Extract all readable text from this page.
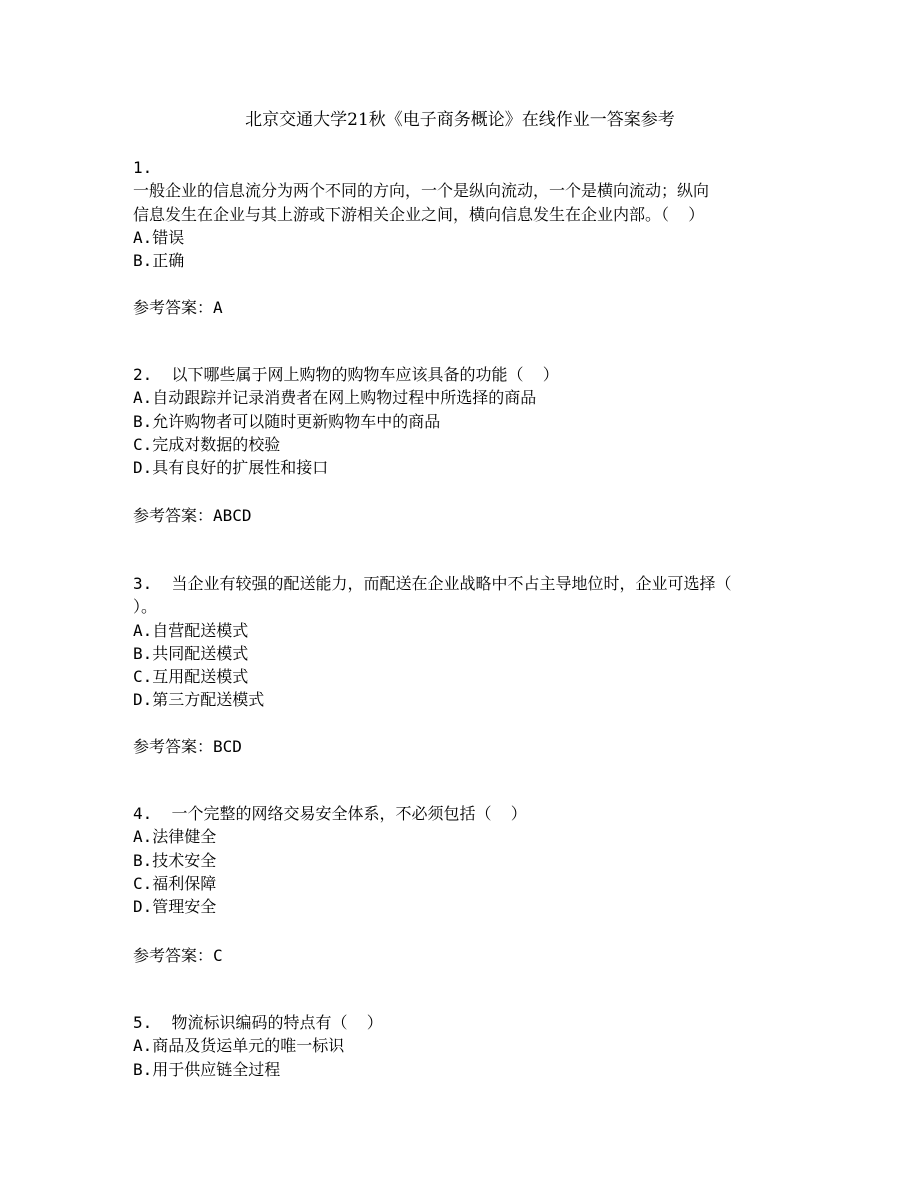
北京交通大学21秋《电子商务概论》在线作业一答案参考
1.
一般企业的信息流分为两个不同的方向，一个是纵向流动，一个是横向流动；纵向
信息发生在企业与其上游或下游相关企业之间，横向信息发生在企业内部。（  ）
A.错误
B.正确
参考答案：A
2. 以下哪些属于网上购物的购物车应该具备的功能（  ）
A.自动跟踪并记录消费者在网上购物过程中所选择的商品
B.允许购物者可以随时更新购物车中的商品
C.完成对数据的校验
D.具有良好的扩展性和接口
参考答案：ABCD
3. 当企业有较强的配送能力，而配送在企业战略中不占主导地位时，企业可选择（
）。
A.自营配送模式
B.共同配送模式
C.互用配送模式
D.第三方配送模式
参考答案：BCD
4. 一个完整的网络交易安全体系，不必须包括（  ）
A.法律健全
B.技术安全
C.福利保障
D.管理安全
参考答案：C
5. 物流标识编码的特点有（  ）
A.商品及货运单元的唯一标识
B.用于供应链全过程
